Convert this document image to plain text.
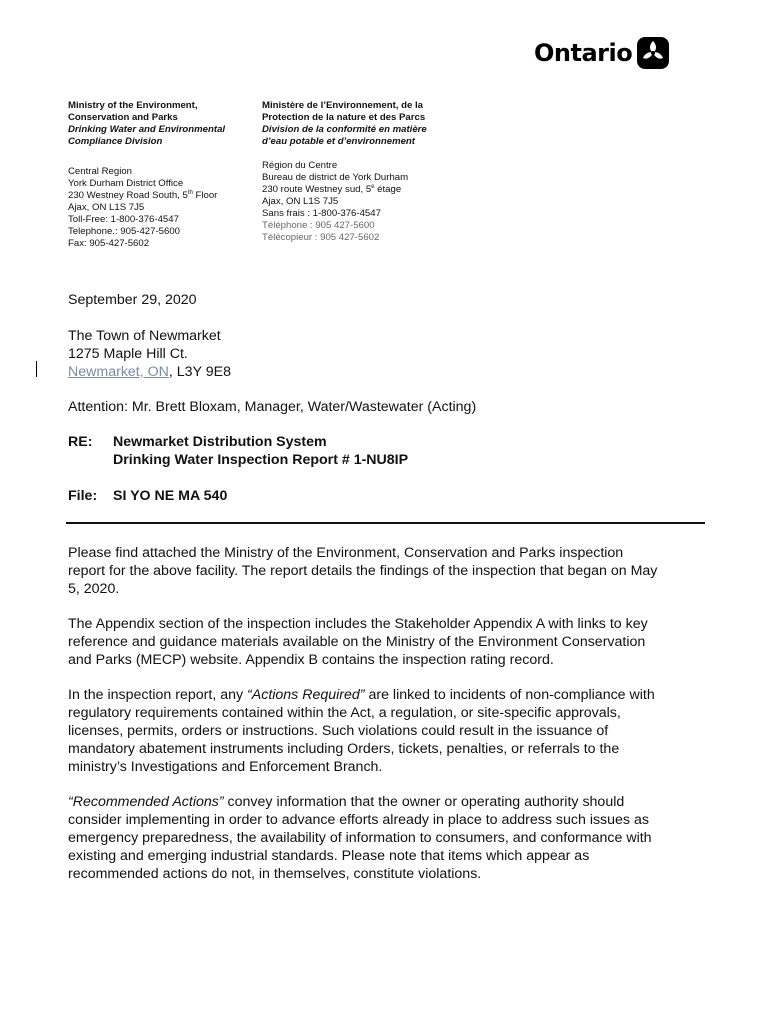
Ontario
Ministry of the Environment,
Conservation and Parks
Drinking Water and Environmental
Compliance Division
Central Region
York Durham District Office
230 Westney Road South, 5th Floor
Ajax, ON L1S 7J5
Toll-Free: 1-800-376-4547
Telephone.: 905-427-5600
Fax: 905-427-5602
Ministère de l’Environnement, de la
Protection de la nature et des Parcs
Division de la conformité en matière
d’eau potable et d’environnement
Région du Centre
Bureau de district de York Durham
230 route Westney sud, 5e étage
Ajax, ON L1S 7J5
Sans frais : 1-800-376-4547
Téléphone : 905 427-5600
Télécopieur : 905 427-5602
September 29, 2020
The Town of Newmarket
1275 Maple Hill Ct.
Newmarket, ON, L3Y 9E8
Attention: Mr. Brett Bloxam, Manager, Water/Wastewater (Acting)
RE:	Newmarket Distribution System
Drinking Water Inspection Report # 1-NU8IP
File:	SI YO NE MA 540
Please find attached the Ministry of the Environment, Conservation and Parks inspection
report for the above facility. The report details the findings of the inspection that began on May
5, 2020.
The Appendix section of the inspection includes the Stakeholder Appendix A with links to key
reference and guidance materials available on the Ministry of the Environment Conservation
and Parks (MECP) website. Appendix B contains the inspection rating record.
In the inspection report, any “Actions Required” are linked to incidents of non-compliance with
regulatory requirements contained within the Act, a regulation, or site-specific approvals,
licenses, permits, orders or instructions. Such violations could result in the issuance of
mandatory abatement instruments including Orders, tickets, penalties, or referrals to the
ministry’s Investigations and Enforcement Branch.
“Recommended Actions” convey information that the owner or operating authority should
consider implementing in order to advance efforts already in place to address such issues as
emergency preparedness, the availability of information to consumers, and conformance with
existing and emerging industrial standards. Please note that items which appear as
recommended actions do not, in themselves, constitute violations.
